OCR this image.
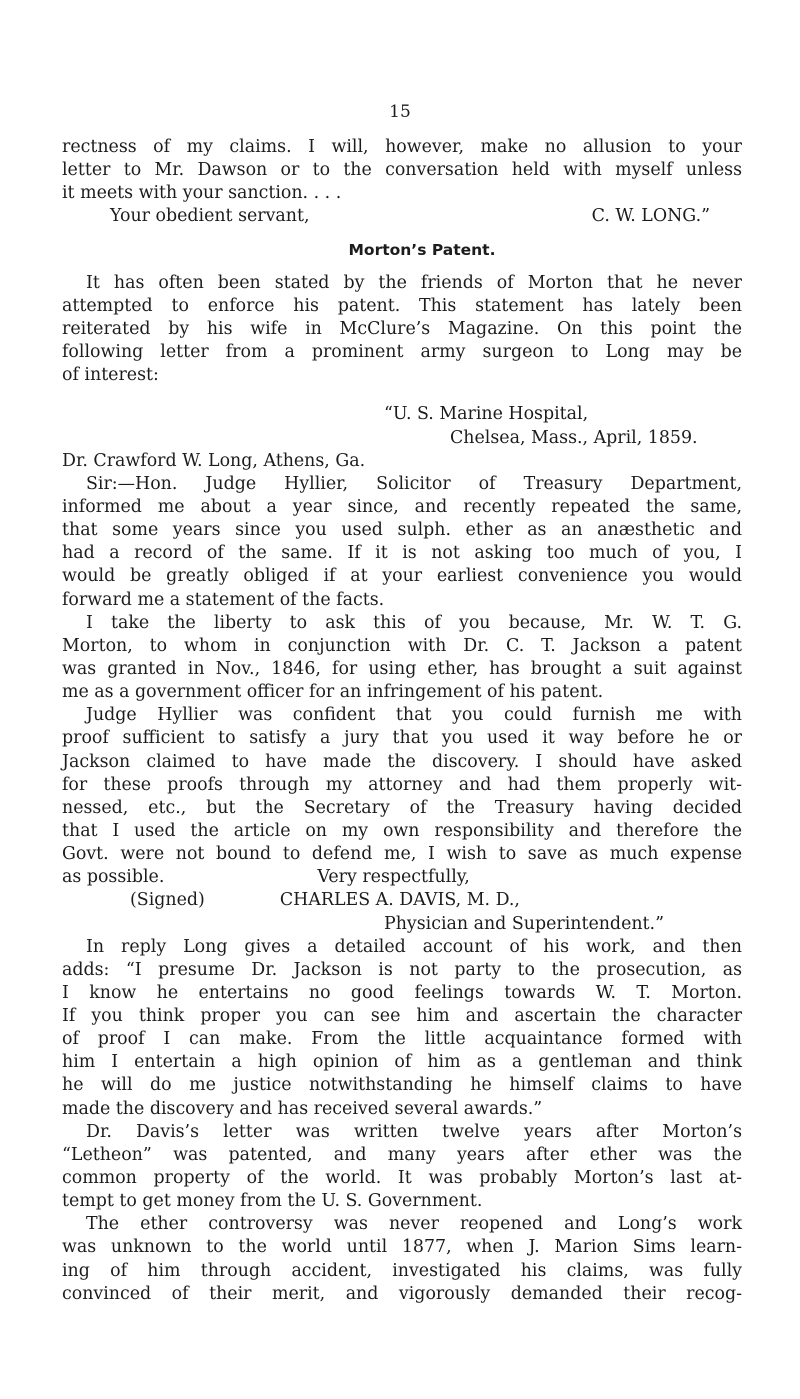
15
rectness of my claims. I will, however, make no allusion to your
letter to Mr. Dawson or to the conversation held with myself unless
it meets with your sanction. . . .
Your obedient servant,	C. W. LONG.”
Morton’s Patent.
It has often been stated by the friends of Morton that he never
attempted to enforce his patent. This statement has lately been
reiterated by his wife in McClure’s Magazine. On this point the
following letter from a prominent army surgeon to Long may be
of interest:
“U. S. Marine Hospital,
Chelsea, Mass., April, 1859.
Dr. Crawford W. Long, Athens, Ga.
Sir:—Hon. Judge Hyllier, Solicitor of Treasury Department,
informed me about a year since, and recently repeated the same,
that some years since you used sulph. ether as an anæsthetic and
had a record of the same. If it is not asking too much of you, I
would be greatly obliged if at your earliest convenience you would
forward me a statement of the facts.
I take the liberty to ask this of you because, Mr. W. T. G.
Morton, to whom in conjunction with Dr. C. T. Jackson a patent
was granted in Nov., 1846, for using ether, has brought a suit against
me as a government officer for an infringement of his patent.
Judge Hyllier was confident that you could furnish me with
proof sufficient to satisfy a jury that you used it way before he or
Jackson claimed to have made the discovery. I should have asked
for these proofs through my attorney and had them properly wit-
nessed, etc., but the Secretary of the Treasury having decided
that I used the article on my own responsibility and therefore the
Govt. were not bound to defend me, I wish to save as much expense
as possible.	Very respectfully,
(Signed)	CHARLES A. DAVIS, M. D.,
Physician and Superintendent.”
In reply Long gives a detailed account of his work, and then
adds: “I presume Dr. Jackson is not party to the prosecution, as
I know he entertains no good feelings towards W. T. Morton.
If you think proper you can see him and ascertain the character
of proof I can make. From the little acquaintance formed with
him I entertain a high opinion of him as a gentleman and think
he will do me justice notwithstanding he himself claims to have
made the discovery and has received several awards.”
Dr. Davis’s letter was written twelve years after Morton’s
“Letheon” was patented, and many years after ether was the
common property of the world. It was probably Morton’s last at-
tempt to get money from the U. S. Government.
The ether controversy was never reopened and Long’s work
was unknown to the world until 1877, when J. Marion Sims learn-
ing of him through accident, investigated his claims, was fully
convinced of their merit, and vigorously demanded their recog-
